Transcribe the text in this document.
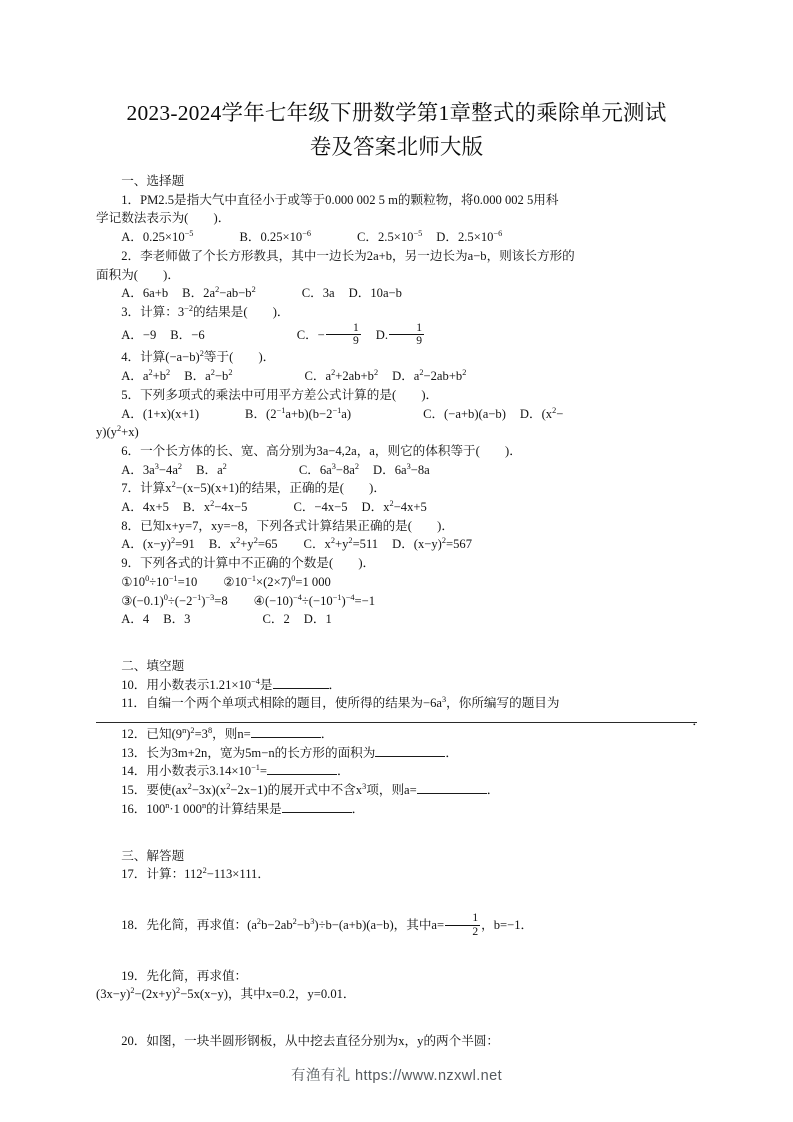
2023-2024学年七年级下册数学第1章整式的乘除单元测试
卷及答案北师大版
一、选择题
1．PM2.5是指大气中直径小于或等于0.000 002 5 m的颗粒物，将0.000 002 5用科
学记数法表示为(　　)．
A．$0.25\times 10^{-5}$	B．$0.25\times 10^{-6}$	C．$2.5\times 10^{-5}$ D．$2.5\times 10^{-6}$
2．李老师做了个长方形教具，其中一边长为2a+b，另一边长为a−b，则该长方形的
面积为(　　)．
A．6a+b B．$2a^2-ab-b^2$	C．3a D．10a−b
3．计算：$3^{-2}$的结果是(　　)．
A．−9 B．−6	C．− $\frac{1}{9} D$. $\frac{1}{9}$
4．计算$(-a-b)^2$等于(　　)．
A．$a^2+b^2$ B．$a^2-b^2$	C．$a^2+2ab+b^2$ D．$a^2-2ab+b^2$
5．下列多项式的乘法中可用平方差公式计算的是(　　)．
A．(1+x)(x+1)	B．$(2^{-1}a+b)(b-2^{-1}a)$	C．(−a+b)(a−b) D．($x^2-$
$y)(y^2+x)$
6．一个长方体的长、宽、高分别为3a−4,2a，a，则它的体积等于(　　)．
A．$3a^3-4a^2$ B．$a^2$	C．$6a^3-8a^2$ D．$6a^3-8a$
7．计算$x^2-(x-5)(x+1)$的结果，正确的是(　　)．
A．4x+5 B．$x^2-4x-5$	C．−4x−5 D．$x^2-4x+5$
8．已知x+y=7，xy=−8，下列各式计算结果正确的是(　　)．
A．$(x-y)^2=91$ B．$x^2+y^2=65$ C．$x^2+y^2=511$ D．$(x-y)^2=567$
9．下列各式的计算中不正确的个数是(　　)．
$①10^0\div 10^{-1}=10$ $②10^{-1}\times(2\times 7)^0=1$ 000
$③(-0.1)^0\div(-2^{-1})^{-3}=8$ $④(-10)^{-4}\div(-10^{-1})^{-4}=-1$
A．4 B．3	C．2 D．1
二、填空题
10．用小数表示$1.21\times 10^{-4}$是	．
11．自编一个两个单项式相除的题目，使所得的结果为$-6a^3$，你所编写的题目为
．
12．已知$(9^n)^2=3^8$，则n=	．
13．长为3m+2n，宽为5m−n的长方形的面积为	．
14．用小数表示$3.14\times 10^{-1}=$	．
15．要使$(ax^2-3x)(x^2-2x-1)$的展开式中不含$x^3$项，则a=	．
16．$100^n\cdot 1$ 000$^n$的计算结果是	．
三、解答题
17．计算：$112^2-113\times 111$．
18．先化简，再求值：$(a^2b-2ab^2-b^3)\div b-(a+b)(a-b)$，其中$a= \frac{1}{2}$ ，b=−1．
19．先化简，再求值：
$(3x-y)^2-(2x+y)^2-5x(x-y)$，其中x=0.2，y=0.01．
20．如图，一块半圆形钢板，从中挖去直径分别为x，y的两个半圆：
有渔有礼 https://www.nzxwl.net
